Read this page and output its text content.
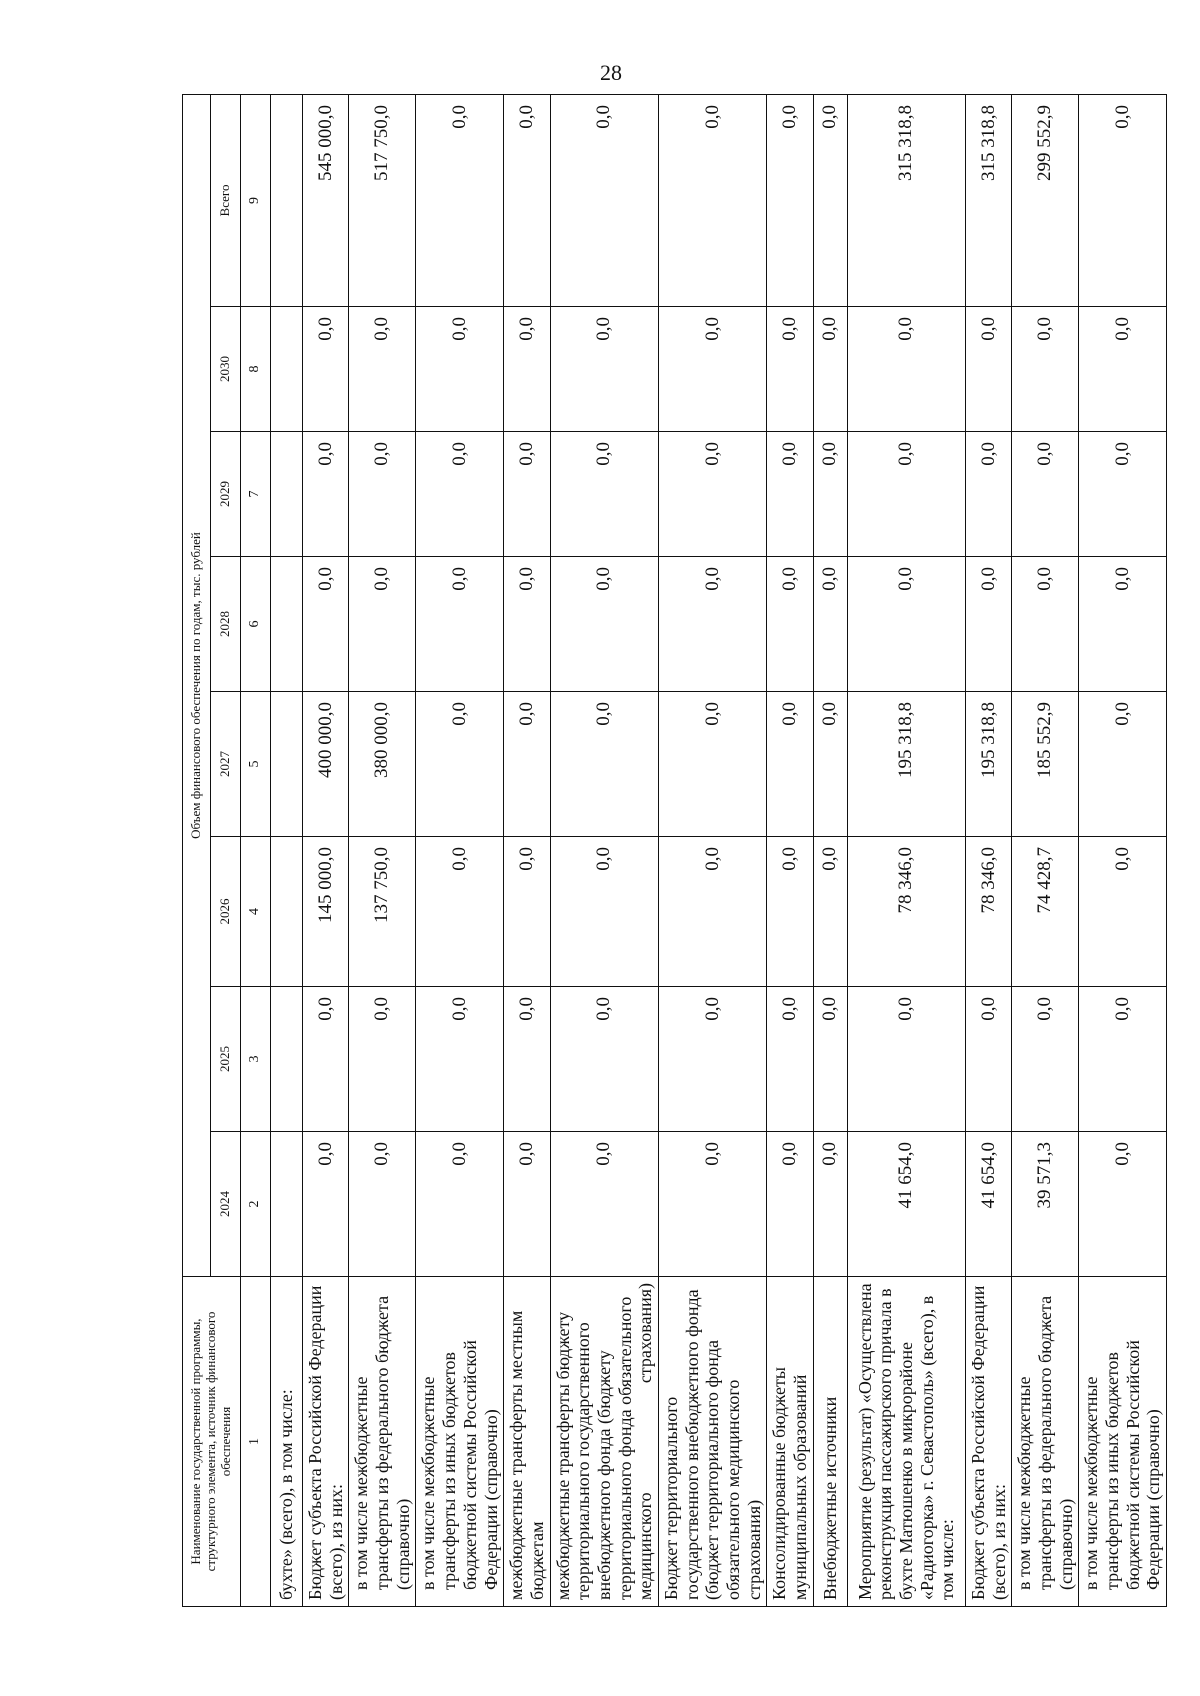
28
Наименование государственной программы, структурного элемента, источник финансового обеспечения	Объем финансового обеспечения по годам, тыс. рублей							
	2024	2025	2026	2027	2028	2029	2030	Всего
1	2	3	4	5	6	7	8	9
бухте» (всего), в том числе:								
Бюджет субъекта Российской Федерации (всего), из них:	0,0	0,0	145 000,0	400 000,0	0,0	0,0	0,0	545 000,0
в том числе межбюджетные трансферты из федерального бюджета (справочно)	0,0	0,0	137 750,0	380 000,0	0,0	0,0	0,0	517 750,0
в том числе межбюджетные трансферты из иных бюджетов бюджетной системы Российской Федерации (справочно)	0,0	0,0	0,0	0,0	0,0	0,0	0,0	0,0
межбюджетные трансферты местным бюджетам	0,0	0,0	0,0	0,0	0,0	0,0	0,0	0,0
межбюджетные трансферты бюджету территориального государственного внебюджетного фонда (бюджету территориального фонда обязательного медицинского страхования)	0,0	0,0	0,0	0,0	0,0	0,0	0,0	0,0
Бюджет территориального государственного внебюджетного фонда (бюджет территориального фонда обязательного медицинского страхования)	0,0	0,0	0,0	0,0	0,0	0,0	0,0	0,0
Консолидированные бюджеты муниципальных образований	0,0	0,0	0,0	0,0	0,0	0,0	0,0	0,0
Внебюджетные источники	0,0	0,0	0,0	0,0	0,0	0,0	0,0	0,0
Мероприятие (результат) «Осуществлена реконструкция пассажирского причала в бухте Матюшенко в микрорайоне «Радиогорка» г. Севастополь» (всего), в том числе:	41 654,0	0,0	78 346,0	195 318,8	0,0	0,0	0,0	315 318,8
Бюджет субъекта Российской Федерации (всего), из них:	41 654,0	0,0	78 346,0	195 318,8	0,0	0,0	0,0	315 318,8
в том числе межбюджетные трансферты из федерального бюджета (справочно)	39 571,3	0,0	74 428,7	185 552,9	0,0	0,0	0,0	299 552,9
в том числе межбюджетные трансферты из иных бюджетов бюджетной системы Российской Федерации (справочно)	0,0	0,0	0,0	0,0	0,0	0,0	0,0	0,0
